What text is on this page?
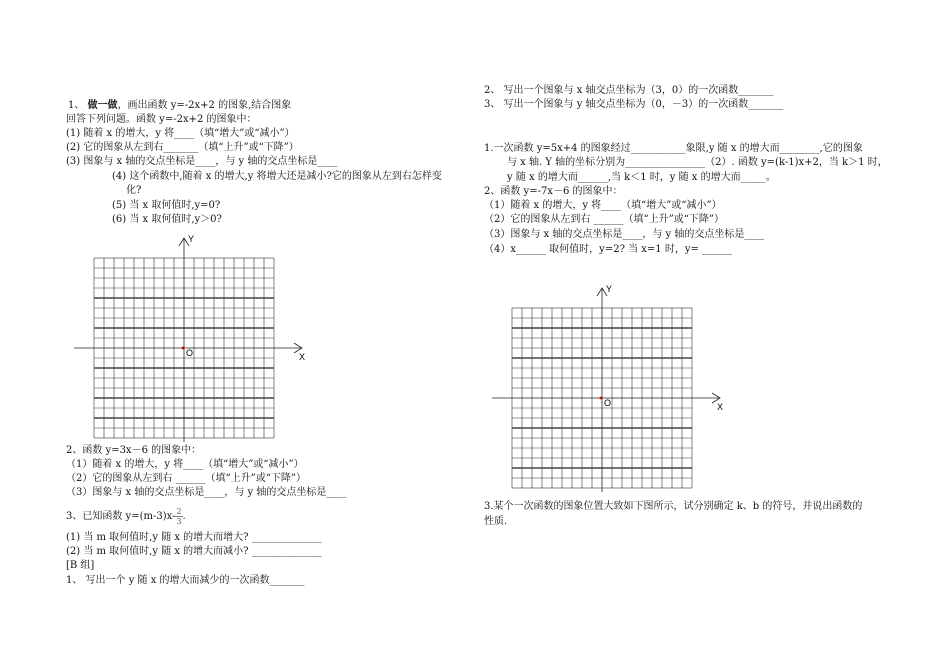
1、 做一做，画出函数 y=-2x+2 的图象,结合图象
回答下列问题。函数 y=-2x+2 的图象中：
(1) 随着 x 的增大，y 将____（填“增大”或“减小”）
(2) 它的图象从左到右_______（填“上升”或“下降”）
(3) 图象与 x 轴的交点坐标是____，与 y 轴的交点坐标是____
(4) 这个函数中,随着 x 的增大,y 将增大还是减小?它的图象从左到右怎样变
化?
(5) 当 x 取何值时,y=0?
(6) 当 x 取何值时,y＞0?
Y
X
O
2、函数 y=3x－6 的图象中：
（1）随着 x 的增大，y 将____（填“增大”或“减小”）
（2）它的图象从左到右 ______（填“上升”或“下降”）
（3）图象与 x 轴的交点坐标是____，与 y 轴的交点坐标是____
3、已知函数 $y=(m-3)x- \frac{2}{3}$ .
(1) 当 m 取何值时,y 随 x 的增大而增大? ______________
(2) 当 m 取何值时,y 随 x 的增大而减小? ______________
[B 组]
1、 写出一个 y 随 x 的增大而减少的一次函数_______
2、 写出一个图象与 x 轴交点坐标为（3，0）的一次函数_______
3、 写出一个图象与 y 轴交点坐标为（0，－3）的一次函数_______
1.一次函数 y=5x+4 的图象经过___________象限,y 随 x 的增大而________,它的图象
与 x 轴. Y 轴的坐标分别为________________（2）. 函数 y=(k-1)x+2，当 k＞1 时，
y 随 x 的增大而______,当 k＜1 时，y 随 x 的增大而_____。
2、函数 y=-7x－6 的图象中：
（1）随着 x 的增大，y 将____（填“增大”或“减小”）
（2）它的图象从左到右 ______（填“上升”或“下降”）
（3）图象与 x 轴的交点坐标是____，与 y 轴的交点坐标是____
（4）x______ 取何值时，y=2? 当 x=1 时，y= ______
Y
X
O
3.某个一次函数的图象位置大致如下图所示，试分别确定 k、b 的符号，并说出函数的
性质.
